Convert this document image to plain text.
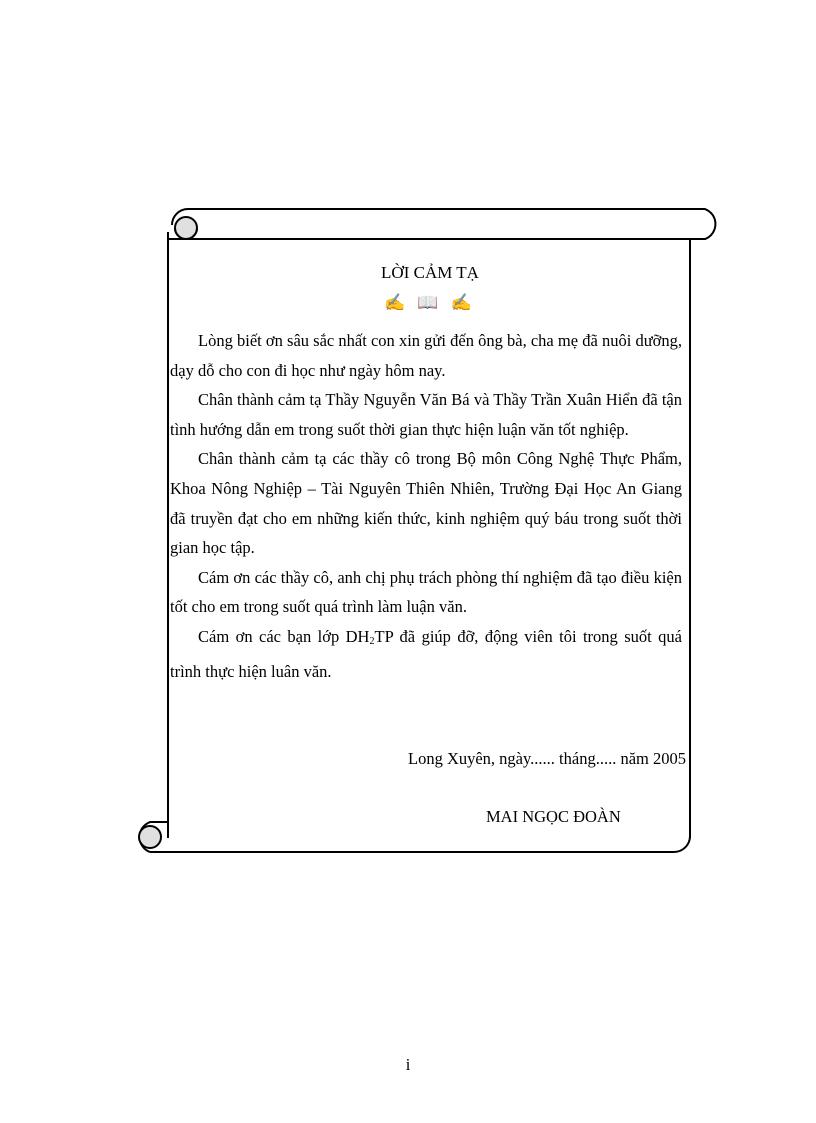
LỜI CẢM TẠ
✍ 📖 ✍

Lòng biết ơn sâu sắc nhất con xin gửi đến ông bà, cha mẹ đã nuôi dưỡng, dạy dỗ cho con đi học như ngày hôm nay.

Chân thành cảm tạ Thầy Nguyễn Văn Bá và Thầy Trần Xuân Hiển đã tận tình hướng dẫn em trong suốt thời gian thực hiện luận văn tốt nghiệp.

Chân thành cảm tạ các thầy cô trong Bộ môn Công Nghệ Thực Phẩm, Khoa Nông Nghiệp – Tài Nguyên Thiên Nhiên, Trường Đại Học An Giang đã truyền đạt cho em những kiến thức, kinh nghiệm quý báu trong suốt thời gian học tập.

Cám ơn các thầy cô, anh chị phụ trách phòng thí nghiệm đã tạo điều kiện tốt cho em trong suốt quá trình làm luận văn.

Cám ơn các bạn lớp $DH_2TP$ đã giúp đỡ, động viên tôi trong suốt quá trình thực hiện luân văn.

Long Xuyên, ngày...... tháng..... năm 2005
MAI NGỌC ĐOÀN
i
